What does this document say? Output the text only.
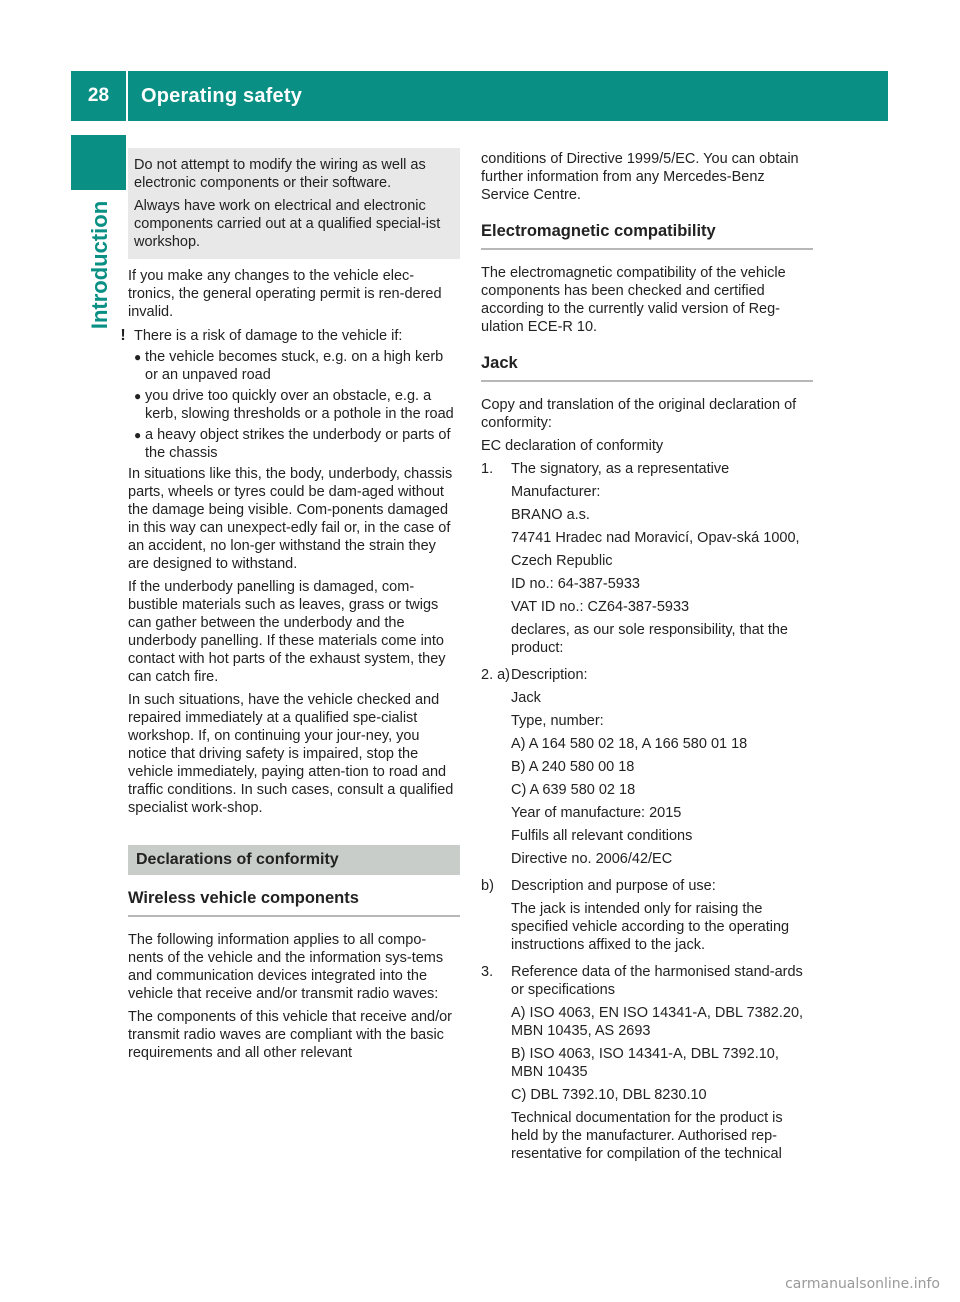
28	Operating safety
Introduction

Do not attempt to modify the wiring as well as electronic components or their software.

Always have work on electrical and electronic components carried out at a qualified special-ist workshop.

If you make any changes to the vehicle elec-tronics, the general operating permit is ren-dered invalid.

! There is a risk of damage to the vehicle if:
● the vehicle becomes stuck, e.g. on a high kerb or an unpaved road
● you drive too quickly over an obstacle, e.g. a kerb, slowing thresholds or a pothole in the road
● a heavy object strikes the underbody or parts of the chassis

In situations like this, the body, underbody, chassis parts, wheels or tyres could be dam-aged without the damage being visible. Com-ponents damaged in this way can unexpect-edly fail or, in the case of an accident, no lon-ger withstand the strain they are designed to withstand.

If the underbody panelling is damaged, com-bustible materials such as leaves, grass or twigs can gather between the underbody and the underbody panelling. If these materials come into contact with hot parts of the exhaust system, they can catch fire.

In such situations, have the vehicle checked and repaired immediately at a qualified spe-cialist workshop. If, on continuing your jour-ney, you notice that driving safety is impaired, stop the vehicle immediately, paying atten-tion to road and traffic conditions. In such cases, consult a qualified specialist work-shop.

Declarations of conformity
Wireless vehicle components

The following information applies to all compo-nents of the vehicle and the information sys-tems and communication devices integrated into the vehicle that receive and/or transmit radio waves:

The components of this vehicle that receive and/or transmit radio waves are compliant with the basic requirements and all other relevant

conditions of Directive 1999/5/EC. You can obtain further information from any Mercedes-Benz Service Centre.

Electromagnetic compatibility

The electromagnetic compatibility of the vehicle components has been checked and certified according to the currently valid version of Reg-ulation ECE-R 10.

Jack

Copy and translation of the original declaration of conformity:

EC declaration of conformity

1.	The signatory, as a representative

Manufacturer:

BRANO a.s.

74741 Hradec nad Moravicí, Opav-ská 1000,

Czech Republic

ID no.: 64-387-5933

VAT ID no.: CZ64-387-5933

declares, as our sole responsibility, that the product:

2. a) Description:

Jack

Type, number:

A) A 164 580 02 18, A 166 580 01 18

B) A 240 580 00 18

C) A 639 580 02 18

Year of manufacture: 2015

Fulfils all relevant conditions

Directive no. 2006/42/EC

b)	Description and purpose of use:

The jack is intended only for raising the specified vehicle according to the operating instructions affixed to the jack.

3.	Reference data of the harmonised stand-ards or specifications

A) ISO 4063, EN ISO 14341-A, DBL 7382.20, MBN 10435, AS 2693

B) ISO 4063, ISO 14341-A, DBL 7392.10, MBN 10435

C) DBL 7392.10, DBL 8230.10

Technical documentation for the product is held by the manufacturer. Authorised rep-resentative for compilation of the technical

carmanualsonline.info
